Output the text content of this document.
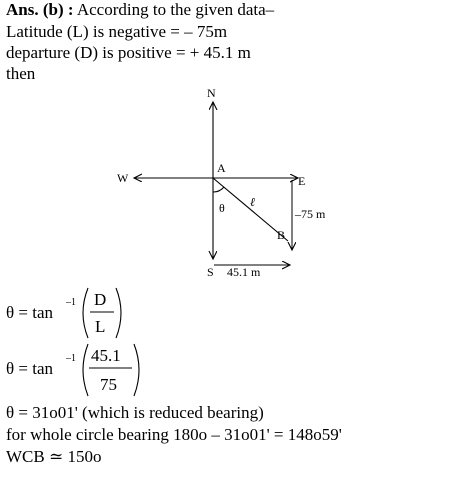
Ans. (b) : According to the given data–
Latitude (L) is negative = – 75m
departure (D) is positive = + 45.1 m
then
N
S
E
W
A
B
θ ℓ
–75 m
45.1 m
θ = tan
–1 D
L
θ = tan
–1 45.1
75
θ = 31o01' (which is reduced bearing)
for whole circle bearing 180o – 31o01' = 148o59'
WCB ≃ 150o
